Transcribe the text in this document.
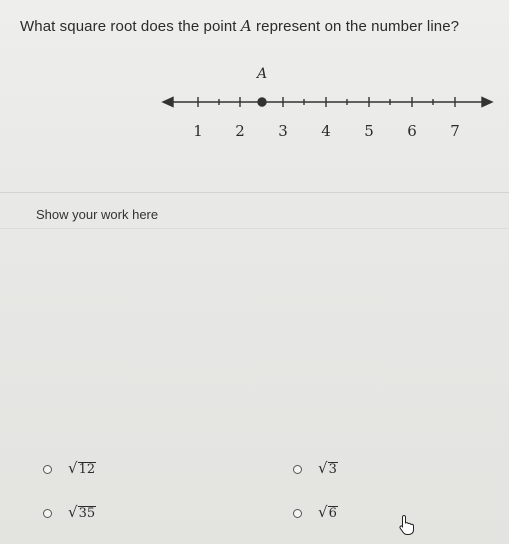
What square root does the point A represent on the number line?
A
1 2 3 4 5 6 7
Show your work here
√ 12	√ 3
√ 35	√ 6
